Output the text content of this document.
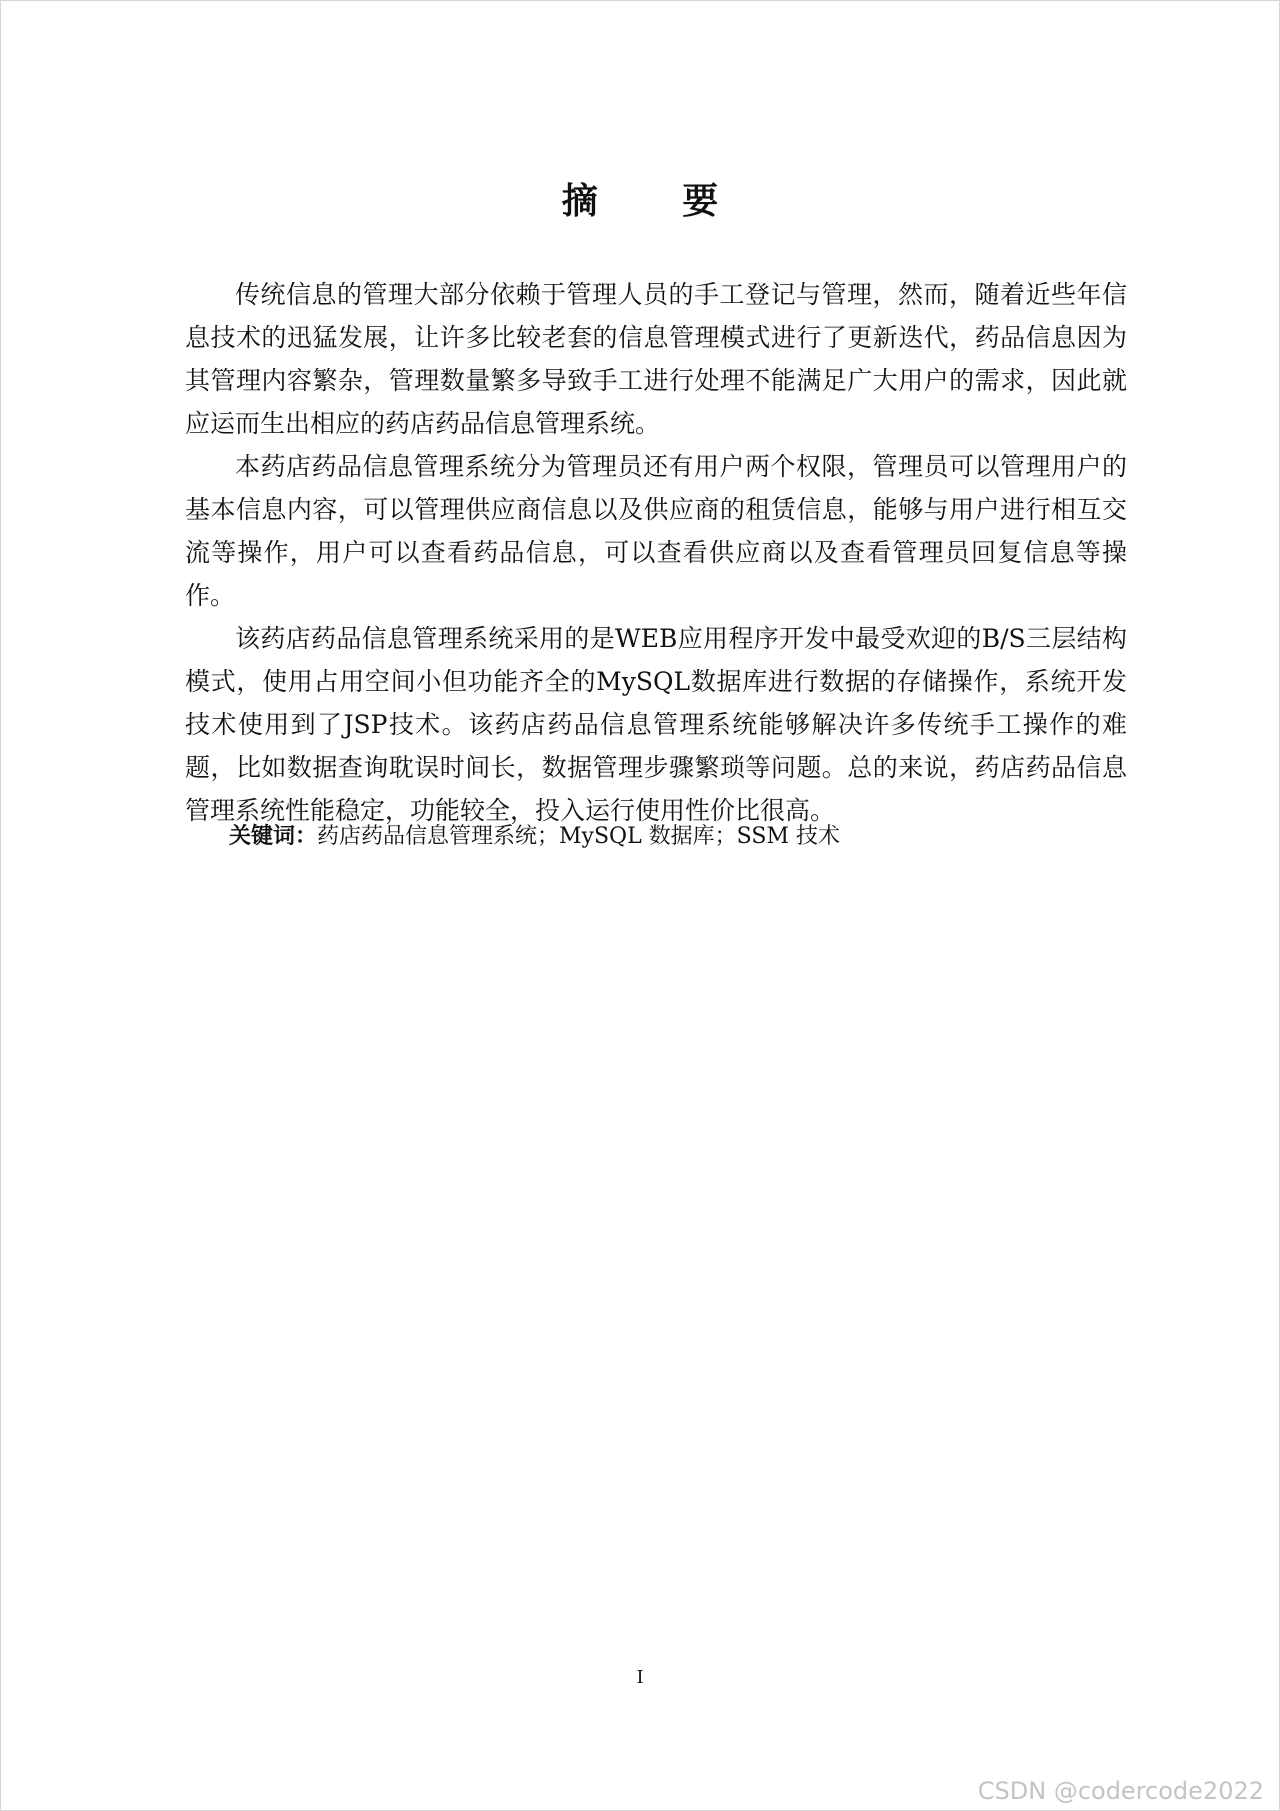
摘 要

传统信息的管理大部分依赖于管理人员的手工登记与管理，然而，随着近些年信息技术的迅猛发展，让许多比较老套的信息管理模式进行了更新迭代，药品信息因为其管理内容繁杂，管理数量繁多导致手工进行处理不能满足广大用户的需求，因此就应运而生出相应的药店药品信息管理系统。

本药店药品信息管理系统分为管理员还有用户两个权限，管理员可以管理用户的基本信息内容，可以管理供应商信息以及供应商的租赁信息，能够与用户进行相互交流等操作，用户可以查看药品信息，可以查看供应商以及查看管理员回复信息等操作。

该药店药品信息管理系统采用的是WEB应用程序开发中最受欢迎的B/S三层结构模式，使用占用空间小但功能齐全的MySQL数据库进行数据的存储操作，系统开发技术使用到了JSP技术。该药店药品信息管理系统能够解决许多传统手工操作的难题，比如数据查询耽误时间长，数据管理步骤繁琐等问题。总的来说，药店药品信息管理系统性能稳定，功能较全，投入运行使用性价比很高。

关键词：药店药品信息管理系统；MySQL 数据库；SSM 技术
I
CSDN @codercode2022
